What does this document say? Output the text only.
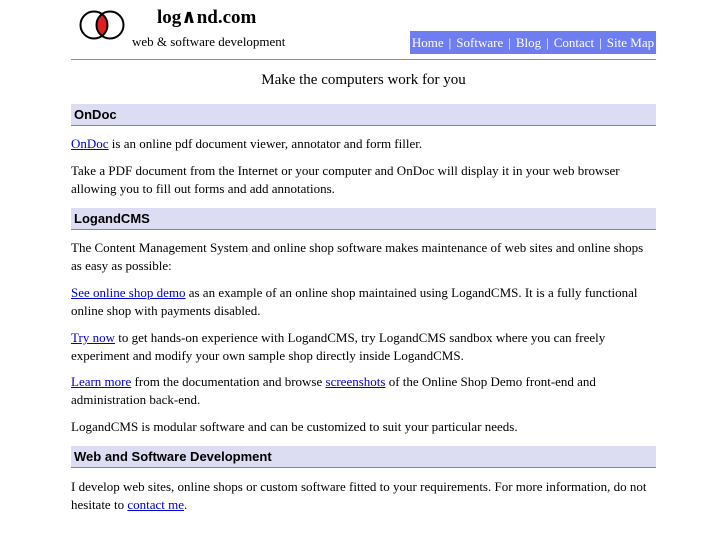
log∧nd.com
web & software development	Home | Software | Blog | Contact | Site Map
Make the computers work for you
OnDoc

OnDoc is an online pdf document viewer, annotator and form filler.

Take a PDF document from the Internet or your computer and OnDoc will display it in your web browser allowing you to fill out forms and add annotations.

LogandCMS

The Content Management System and online shop software makes maintenance of web sites and online shops as easy as possible:

See online shop demo as an example of an online shop maintained using LogandCMS. It is a fully functional online shop with payments disabled.

Try now to get hands-on experience with LogandCMS, try LogandCMS sandbox where you can freely experiment and modify your own sample shop directly inside LogandCMS.

Learn more from the documentation and browse screenshots of the Online Shop Demo front-end and administration back-end.

LogandCMS is modular software and can be customized to suit your particular needs.

Web and Software Development

I develop web sites, online shops or custom software fitted to your requirements. For more information, do not hesitate to contact me.
